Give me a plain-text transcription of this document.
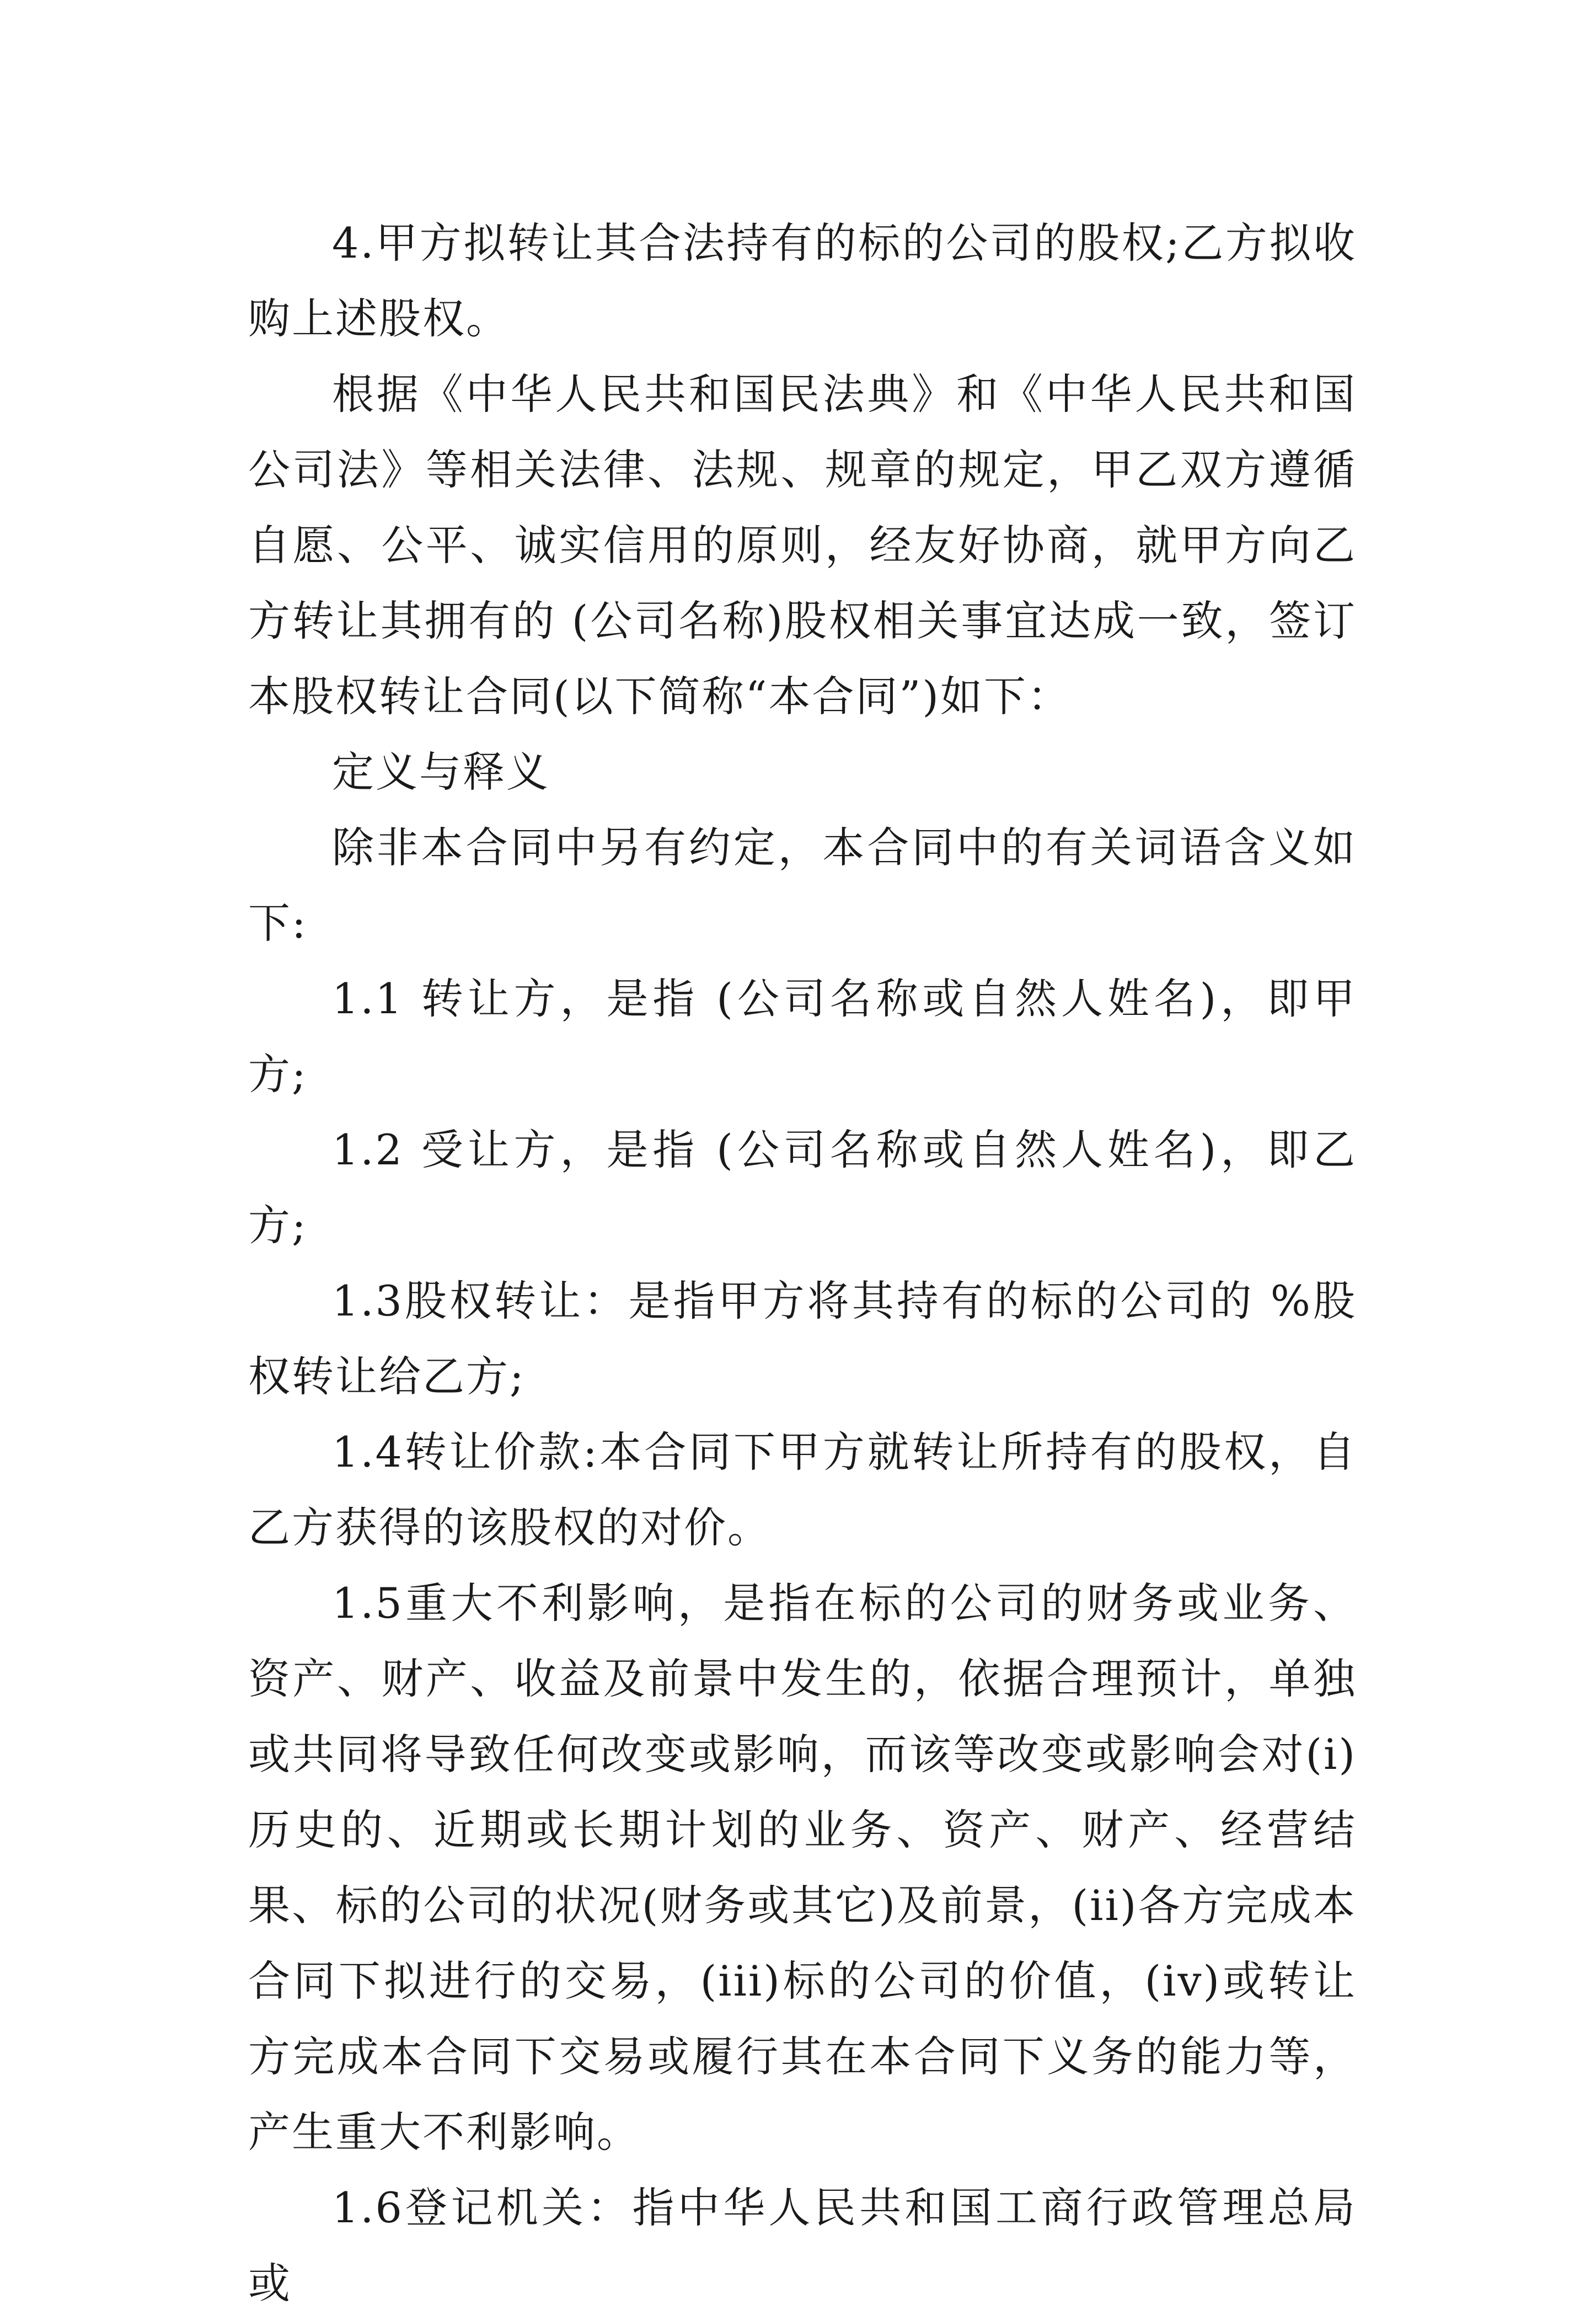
4.甲方拟转让其合法持有的标的公司的股权;乙方拟收购上述股权。

根据《中华人民共和国民法典》和《中华人民共和国公司法》等相关法律、法规、规章的规定，甲乙双方遵循自愿、公平、诚实信用的原则，经友好协商，就甲方向乙方转让其拥有的 (公司名称)股权相关事宜达成一致，签订本股权转让合同(以下简称“本合同”)如下：

定义与释义

除非本合同中另有约定，本合同中的有关词语含义如下:

1.1 转让方，是指 (公司名称或自然人姓名)，即甲方;

1.2 受让方，是指 (公司名称或自然人姓名)，即乙方;

1.3股权转让：是指甲方将其持有的标的公司的 %股权转让给乙方;

1.4转让价款:本合同下甲方就转让所持有的股权，自乙方获得的该股权的对价。

1.5重大不利影响，是指在标的公司的财务或业务、资产、财产、收益及前景中发生的，依据合理预计，单独或共同将导致任何改变或影响，而该等改变或影响会对(i)历史的、近期或长期计划的业务、资产、财产、经营结果、标的公司的状况(财务或其它)及前景，(ii)各方完成本合同下拟进行的交易，(iii)标的公司的价值，(iv)或转让方完成本合同下交易或履行其在本合同下义务的能力等，产生重大不利影响。

1.6登记机关：指中华人民共和国工商行政管理总局或
